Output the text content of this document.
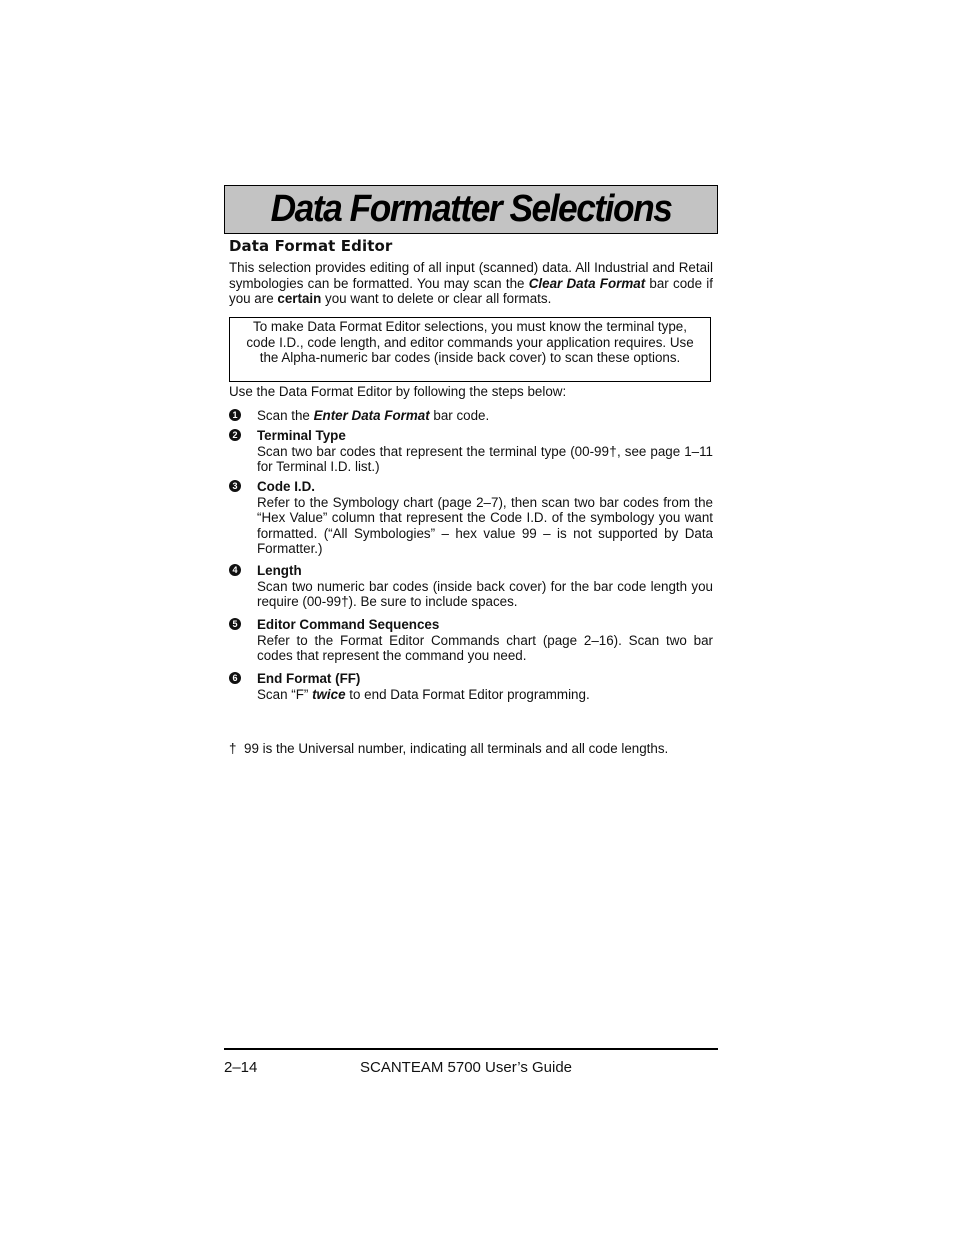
Data Formatter Selections
Data Format Editor
This selection provides editing of all input (scanned) data. All Industrial and Retail symbologies can be formatted. You may scan the Clear Data Format bar code if you are certain you want to delete or clear all formats.
To make Data Format Editor selections, you must know the terminal type, code I.D., code length, and editor commands your application requires. Use the Alpha-numeric bar codes (inside back cover) to scan these options.
Use the Data Format Editor by following the steps below:
1 Scan the Enter Data Format bar code.
2 Terminal Type
Scan two bar codes that represent the terminal type (00-99†, see page 1–11 for Terminal I.D. list.)
3 Code I.D.
Refer to the Symbology chart (page 2–7), then scan two bar codes from the “Hex Value” column that represent the Code I.D. of the symbology you want formatted. (“All Symbologies” – hex value 99 – is not supported by Data Formatter.)
4 Length
Scan two numeric bar codes (inside back cover) for the bar code length you require (00-99†). Be sure to include spaces.
5 Editor Command Sequences
Refer to the Format Editor Commands chart (page 2–16). Scan two bar codes that represent the command you need.
6 End Format (FF)
Scan “F” twice to end Data Format Editor programming.
† 99 is the Universal number, indicating all terminals and all code lengths.
2–14	SCANTEAM 5700 User’s Guide
